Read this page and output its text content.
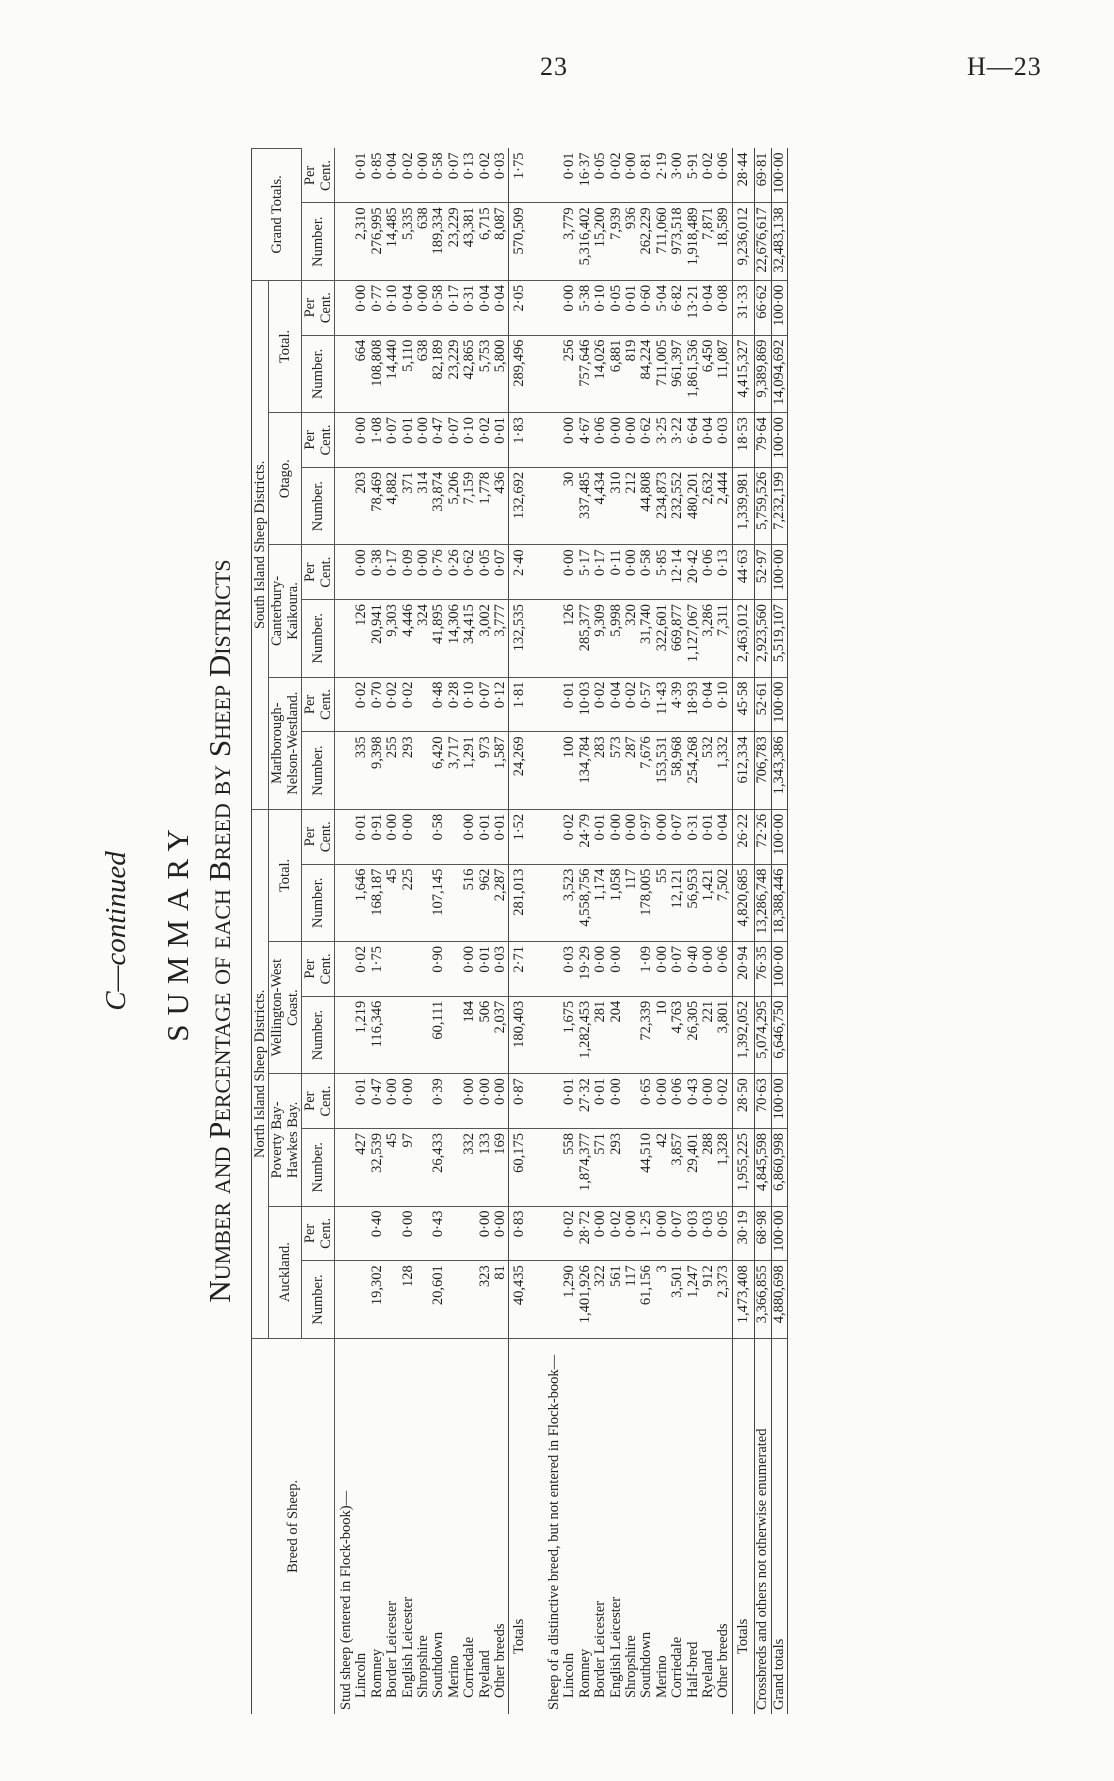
23	H—23
C—continued SUMMARY Number and Percentage of each Breed by Sheep Districts
Breed of Sheep.	North Island Sheep Districts.								South Island Sheep Districts.								Grand Totals.	
	Auckland.		Poverty Bay-Hawkes Bay.		Wellington-West Coast.		Total.		Marlborough-Nelson-Westland.		Canterbury-Kaikoura.		Otago.		Total.			
	Number.	Per Cent.	Number.	Per Cent.	Number.	Per Cent.	Number.	Per Cent.	Number.	Per Cent.	Number.	Per Cent.	Number.	Per Cent.	Number.	Per Cent.	Number.	Per Cent.
Stud sheep (entered in Flock-book)—																		
Lincoln			427	0·01	1,219	0·02	1,646	0·01	335	0·02	126	0·00	203	0·00	664	0·00	2,310	0·01
Romney	19,302	0·40	32,539	0·47	116,346	1·75	168,187	0·91	9,398	0·70	20,941	0·38	78,469	1·08	108,808	0·77	276,995	0·85
Border Leicester			45	0·00			45	0·00	255	0·02	9,303	0·17	4,882	0·07	14,440	0·10	14,485	0·04
English Leicester	128	0·00	97	0·00			225	0·00	293	0·02	4,446	0·09	371	0·01	5,110	0·04	5,335	0·02
Shropshire											324	0·00	314	0·00	638	0·00	638	0·00
Southdown	20,601	0·43	26,433	0·39	60,111	0·90	107,145	0·58	6,420	0·48	41,895	0·76	33,874	0·47	82,189	0·58	189,334	0·58
Merino									3,717	0·28	14,306	0·26	5,206	0·07	23,229	0·17	23,229	0·07
Corriedale			332	0·00	184	0·00	516	0·00	1,291	0·10	34,415	0·62	7,159	0·10	42,865	0·31	43,381	0·13
Ryeland	323	0·00	133	0·00	506	0·01	962	0·01	973	0·07	3,002	0·05	1,778	0·02	5,753	0·04	6,715	0·02
Other breeds	81	0·00	169	0·00	2,037	0·03	2,287	0·01	1,587	0·12	3,777	0·07	436	0·01	5,800	0·04	8,087	0·03
Totals	40,435	0·83	60,175	0·87	180,403	2·71	281,013	1·52	24,269	1·81	132,535	2·40	132,692	1·83	289,496	2·05	570,509	1·75

Sheep of a distinctive breed, but not entered in Flock-book—																		
Lincoln	1,290	0·02	558	0·01	1,675	0·03	3,523	0·02	100	0·01	126	0·00	30	0·00	256	0·00	3,779	0·01
Romney	1,401,926	28·72	1,874,377	27·32	1,282,453	19·29	4,558,756	24·79	134,784	10·03	285,377	5·17	337,485	4·67	757,646	5·38	5,316,402	16·37
Border Leicester	322	0·00	571	0·01	281	0·00	1,174	0·01	283	0·02	9,309	0·17	4,434	0·06	14,026	0·10	15,200	0·05
English Leicester	561	0·02	293	0·00	204	0·00	1,058	0·00	573	0·04	5,998	0·11	310	0·00	6,881	0·05	7,939	0·02
Shropshire	117	0·00					117	0·00	287	0·02	320	0·00	212	0·00	819	0·01	936	0·00
Southdown	61,156	1·25	44,510	0·65	72,339	1·09	178,005	0·97	7,676	0·57	31,740	0·58	44,808	0·62	84,224	0·60	262,229	0·81
Merino	3	0·00	42	0·00	10	0·00	55	0·00	153,531	11·43	322,601	5·85	234,873	3·25	711,005	5·04	711,060	2·19
Corriedale	3,501	0·07	3,857	0·06	4,763	0·07	12,121	0·07	58,968	4·39	669,877	12·14	232,552	3·22	961,397	6·82	973,518	3·00
Half-bred	1,247	0·03	29,401	0·43	26,305	0·40	56,953	0·31	254,268	18·93	1,127,067	20·42	480,201	6·64	1,861,536	13·21	1,918,489	5·91
Ryeland	912	0·03	288	0·00	221	0·00	1,421	0·01	532	0·04	3,286	0·06	2,632	0·04	6,450	0·04	7,871	0·02
Other breeds	2,373	0·05	1,328	0·02	3,801	0·06	7,502	0·04	1,332	0·10	7,311	0·13	2,444	0·03	11,087	0·08	18,589	0·06
Totals	1,473,408	30·19	1,955,225	28·50	1,392,052	20·94	4,820,685	26·22	612,334	45·58	2,463,012	44·63	1,339,981	18·53	4,415,327	31·33	9,236,012	28·44
Crossbreds and others not otherwise enumerated	3,366,855	68·98	4,845,598	70·63	5,074,295	76·35	13,286,748	72·26	706,783	52·61	2,923,560	52·97	5,759,526	79·64	9,389,869	66·62	22,676,617	69·81
Grand totals	4,880,698	100·00	6,860,998	100·00	6,646,750	100·00	18,388,446	100·00	1,343,386	100·00	5,519,107	100·00	7,232,199	100·00	14,094,692	100·00	32,483,138	100·00
